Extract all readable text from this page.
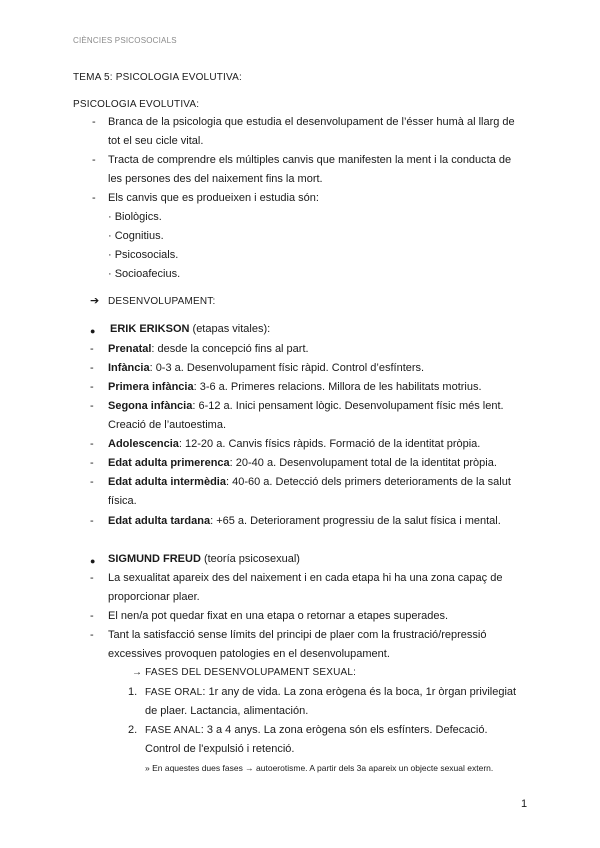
CIÈNCIES PSICOSOCIALS
TEMA 5: PSICOLOGIA EVOLUTIVA:
PSICOLOGIA EVOLUTIVA:
- Branca de la psicologia que estudia el desenvolupament de l’ésser humà al llarg de
tot el seu cicle vital.
- Tracta de comprendre els múltiples canvis que manifesten la ment i la conducta de
les persones des del naixement fins la mort.
- Els canvis que es produeixen i estudia són:
· Biològics.
· Cognitius.
· Psicosocials.
· Socioafecius.
➔ DESENVOLUPAMENT:
● ERIK ERIKSON (etapas vitales):
- Prenatal: desde la concepció fins al part.
- Infància: 0-3 a. Desenvolupament físic ràpid. Control d’esfínters.
- Primera infància: 3-6 a. Primeres relacions. Millora de les habilitats motrius.
- Segona infància: 6-12 a. Inici pensament lògic. Desenvolupament físic més lent.
Creació de l’autoestima.
- Adolescencia: 12-20 a. Canvis físics ràpids. Formació de la identitat pròpia.
- Edat adulta primerenca: 20-40 a. Desenvolupament total de la identitat pròpia.
- Edat adulta intermèdia: 40-60 a. Detecció dels primers deterioraments de la salut
física.
- Edat adulta tardana: +65 a. Deteriorament progressiu de la salut física i mental.
● SIGMUND FREUD (teoría psicosexual)
- La sexualitat apareix des del naixement i en cada etapa hi ha una zona capaç de
proporcionar plaer.
- El nen/a pot quedar fixat en una etapa o retornar a etapes superades.
- Tant la satisfacció sense límits del principi de plaer com la frustració/repressió
excessives provoquen patologies en el desenvolupament.
→ FASES DEL DESENVOLUPAMENT SEXUAL:
1. FASE ORAL: 1r any de vida. La zona erògena és la boca, 1r òrgan privilegiat
de plaer. Lactancia, alimentación.
2. FASE ANAL: 3 a 4 anys. La zona erògena són els esfínters. Defecació.
Control de l'expulsió i retenció.
» En aquestes dues fases → autoerotisme. A partir dels 3a apareix un objecte sexual extern.
1
